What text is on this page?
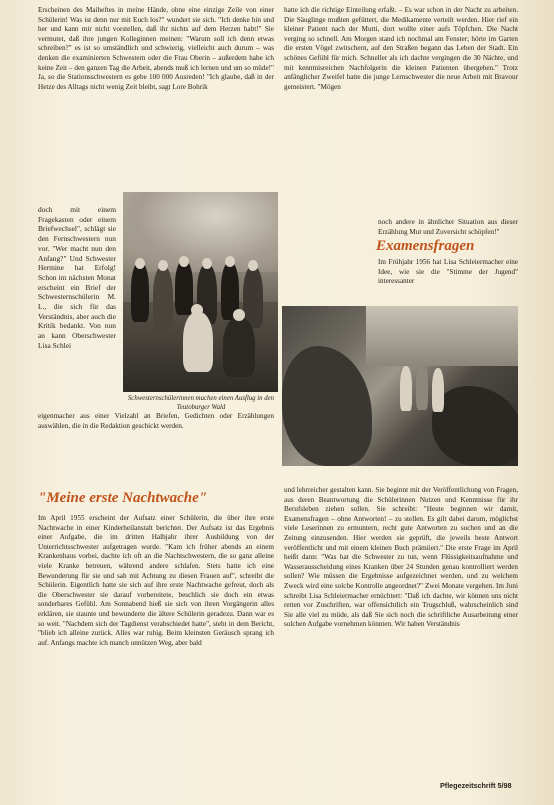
Erscheinen des Maiheftes in meine Hände, ohne eine einzige Zeile von einer Schülerin! Was ist denn nur mit Euch los?" wundert sie sich. "Ich denke hin und her und kann mir nicht vorstellen, daß ihr nichts auf dem Herzen habt!" Sie vermutet, daß ihre jungen Kolleginnen meinen: "Warum soll ich denn etwas schreiben?" es ist so umständlich und schwierig, vielleicht auch durum – was denken die examinierten Schwestern oder die Frau Oberin – außerdem habe ich keine Zeit – den ganzen Tag die Arbeit, abends muß ich lernen und um so müde!" Ja, so die Stationsschwestern es gebe 100 000 Ausreden! "Ich glaube, daß in der Hetze des Alltags nicht wenig Zeit bleibt, sagt Lore Bohrik

hatte ich die richtige Einteilung erfaßt. – Es war schon in der Nacht zu arbeiten. Die Säuglinge mußten gefüttert, die Medikamente verteilt werden. Hier rief ein kleiner Patient nach der Mutti, dort wollte einer aufs Töpfchen. Die Nacht verging so schnell. Am Morgen stand ich nochmal am Fenster; hörte im Garten die ersten Vögel zwitschern, auf den Straßen begann das Leben der Stadt. Ein schönes Gefühl für mich. Schneller als ich dachte vergingen die 30 Nächte, und mit kenntnisreichen Nachfolgerin die kleinen Patienten übergeben." Trotz anfänglicher Zweifel hatte die junge Lernschwester die neue Arbeit mit Bravour gemeistert. "Mögen

noch andere in ähnlicher Situation aus dieser Erzählung Mut und Zuversicht schöpfen!"

Examensfragen

Im Frühjahr 1956 hat Lisa Schleiermacher eine Idee, wie sie die "Stimme der Jugend" interessanter

doch mit einem Fragekasten oder einem Briefwechsel", schlägt sie den Fernschwestern nun vor. "Wer macht nun den Anfang?" Und Schwester Hermine hat Erfolg! Schon im nächsten Monat erscheint ein Brief der Schwesternschülerin M. L., die sich für das Verständnis, aber auch die Kritik bedankt. Von nun an kann Oberschwester Lisa Schlei

Schwesternschülerinnen machen einen Ausflug in den Teutoburger Wald

eigenmacher aus einer Vielzahl an Briefen, Gedichten oder Erzählungen auswählen, die in die Redaktion geschickt werden.

"Meine erste Nachtwache"

Im April 1955 erscheint der Aufsatz einer Schülerin, die über ihre erste Nachtwache in einer Kinderheilanstalt berichtet. Der Aufsatz ist das Ergebnis einer Aufgabe, die im dritten Halbjahr ihrer Ausbildung von der Unterrichtsschwester aufgetragen wurde. "Kam ich früher abends an einem Krankenhaus vorbei, dachte ich oft an die Nachtschwestern, die so ganz alleine viele Kranke betreuen, während andere schlafen. Stets hatte ich eine Bewunderung für sie und sah mit Achtung zu diesen Frauen auf", schreibt die Schülerin. Eigentlich hatte sie sich auf ihre erste Nachtwache gefreut, doch als die Oberschwester sie darauf vorbereitete, beschlich sie doch ein etwas sonderbares Gefühl. Am Sonnabend hieß sie sich von ihren Vorgängerin alles erklären, sie staunte und bewunderte die ältere Schülerin geradezu. Dann war es so weit. "Nachdem sich der Tagdienst verabschiedet hatte", steht in dem Bericht, "blieb ich alleine zurück. Alles war ruhig. Beim kleinsten Geräusch sprang ich auf. Anfangs machte ich manch unnützen Weg, aber bald

und lehrreicher gestalten kann. Sie beginnt mit der Veröffentlichung von Fragen, aus deren Beantwortung die Schülerinnen Nutzen und Kenntnisse für ihr Berufsleben ziehen sollen. Sie schreibt: "Heute beginnen wir damit, Examensfragen – ohne Antworten! – zu stellen. Es gilt dabei darum, möglichst viele Leserinnen zu ermuntern, recht gute Antworten zu suchen und an die Zeitung einzusenden. Hier werden sie geprüft, die jeweils beste Antwort veröffentlicht und mit einem kleinen Buch prämiiert." Die erste Frage im April heißt dann: "Was hat die Schwester zu tun, wenn Flüssigkeitsaufnahme und Wasserausscheidung eines Kranken über 24 Stunden genau kontrolliert werden sollen? Wie müssen die Ergebnisse aufgezeichnet werden, und zu welchem Zweck wird eine solche Kontrolle angeordnet?" Zwei Monate vergehen. Im Juni schreibt Lisa Schleiermacher ernüchtert: "Daß ich dachte, wir können uns nicht retten vor Zuschriften, war offensichtlich ein Trugschluß, wahrscheinlich sind Sie alle viel zu müde, als daß Sie sich noch die schriftliche Ausarbeitung einer solchen Aufgabe vornehmen könnten. Wir haben Verständnis

Pflegezeitschrift 5/98
